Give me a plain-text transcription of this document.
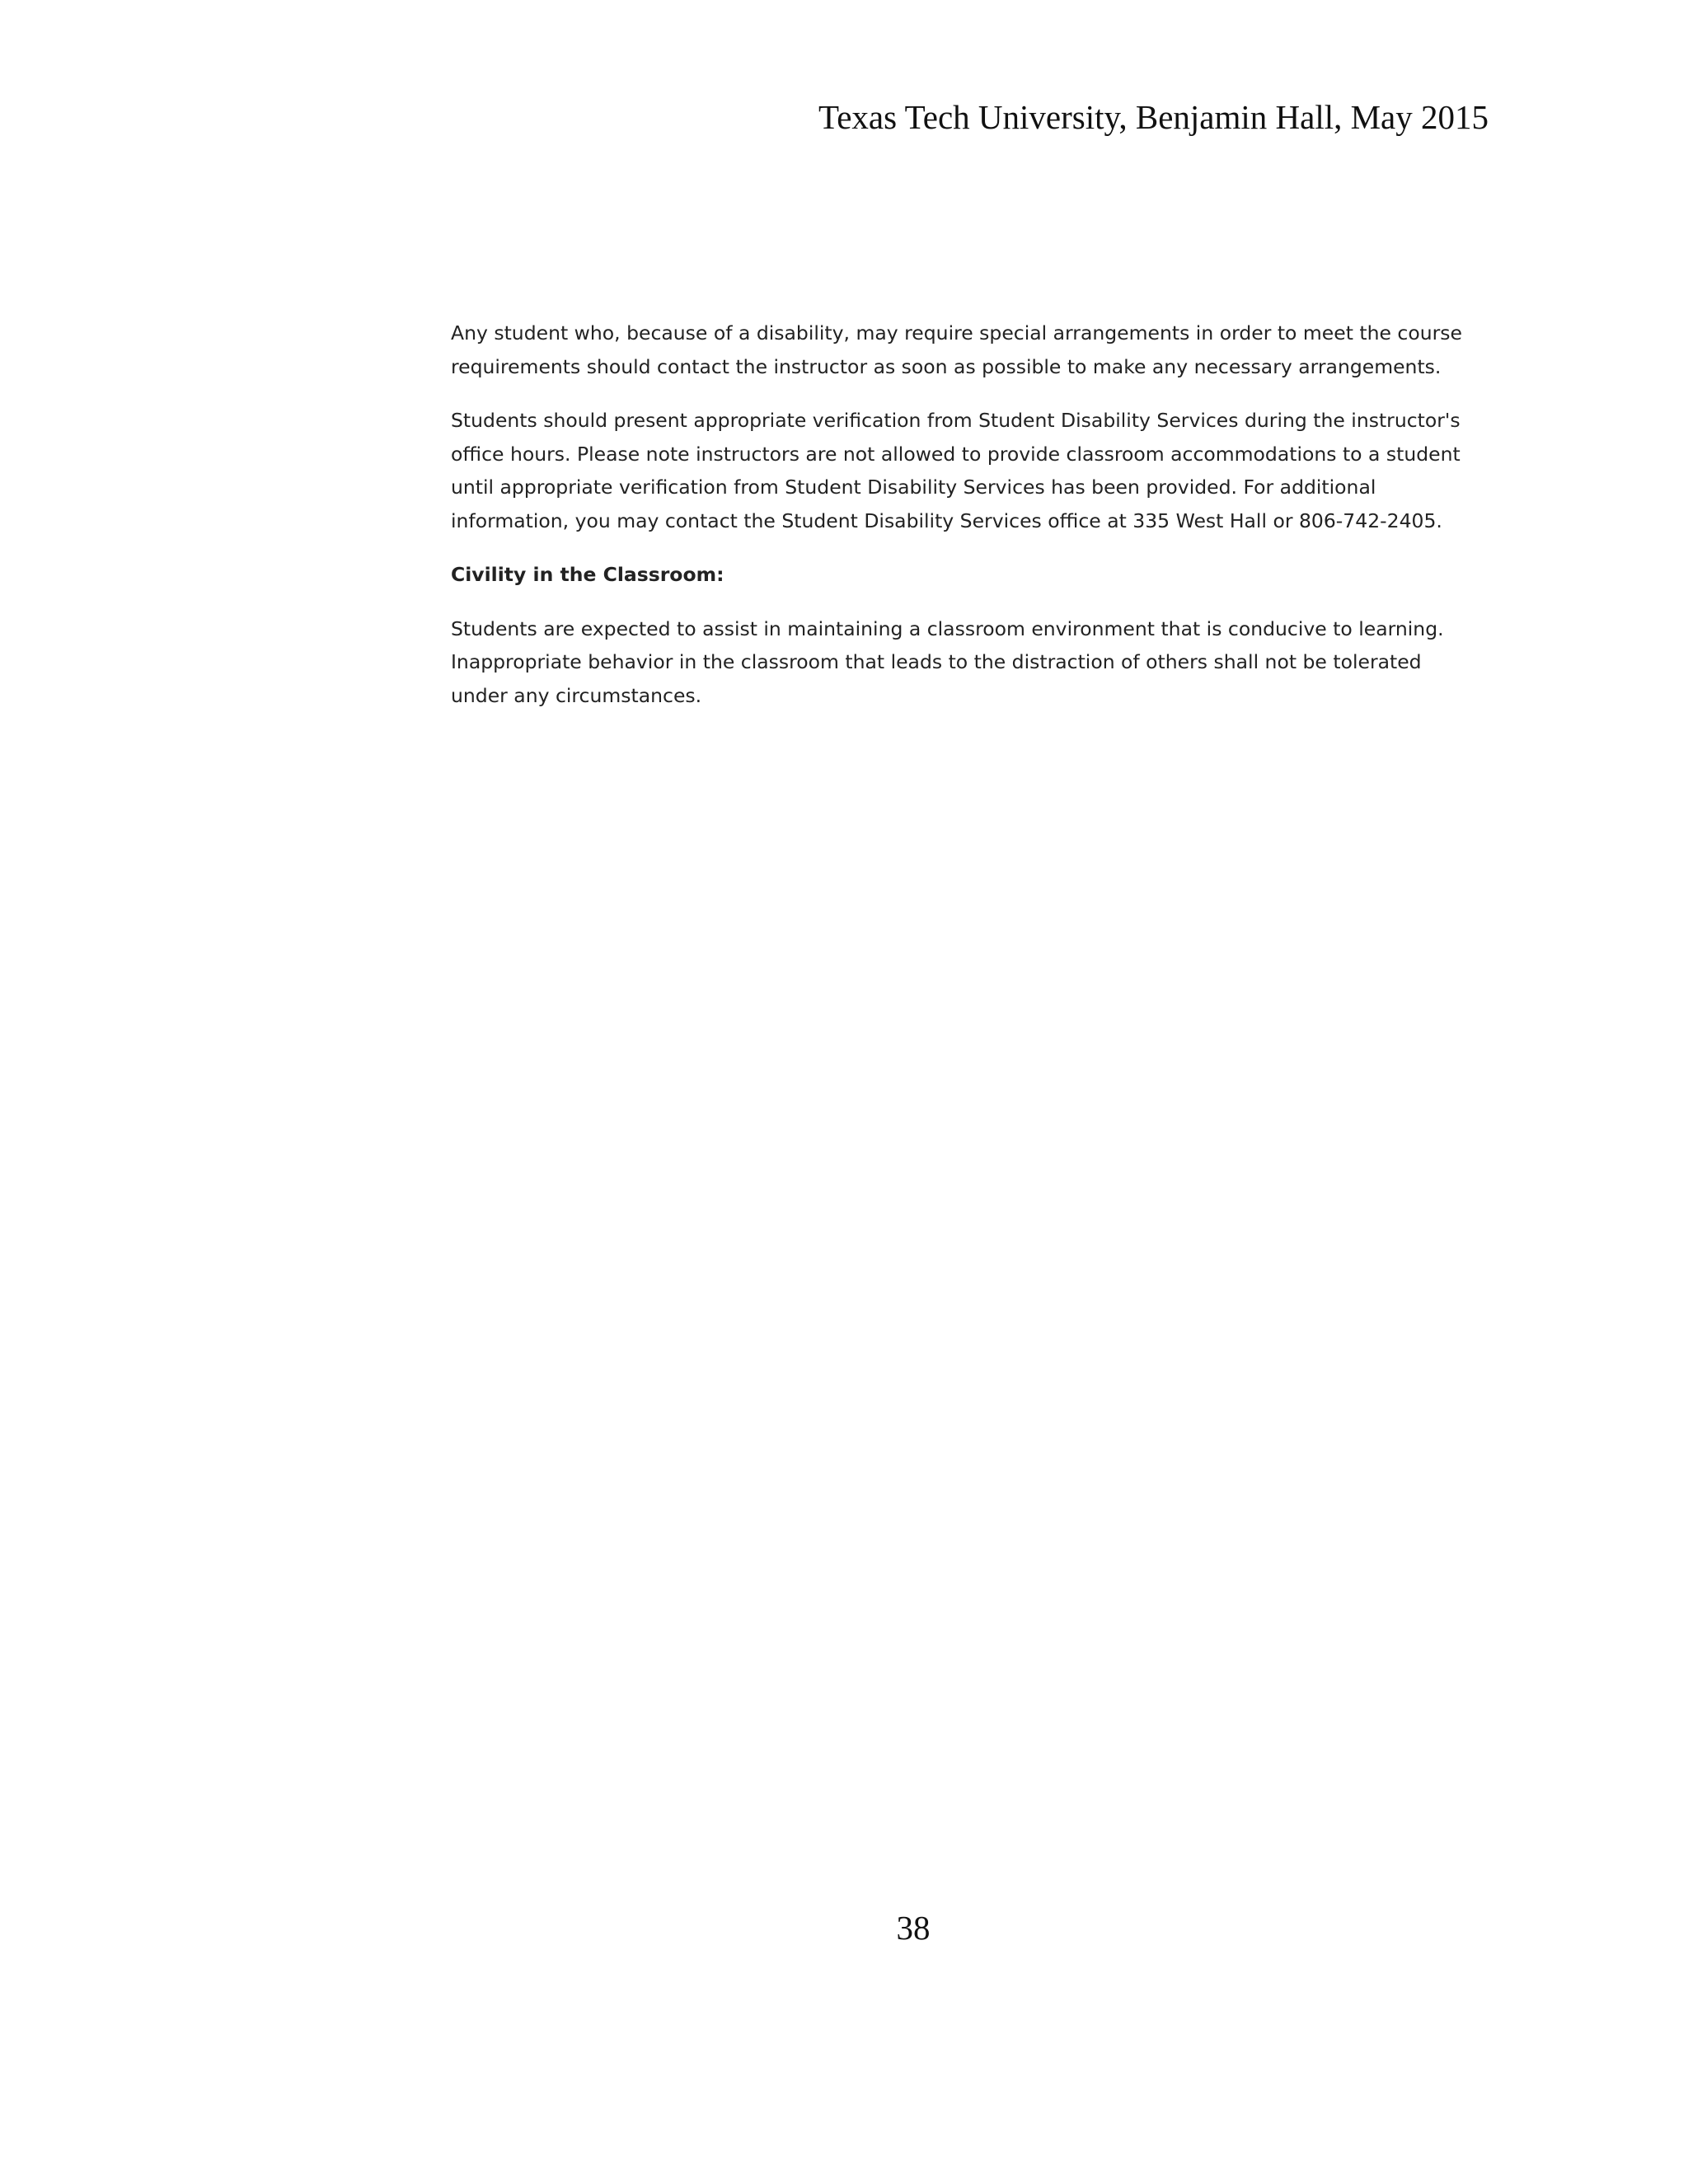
Texas Tech University, Benjamin Hall, May 2015

Any student who, because of a disability, may require special arrangements in order to meet the course
requirements should contact the instructor as soon as possible to make any necessary arrangements.

Students should present appropriate verification from Student Disability Services during the instructor's
office hours. Please note instructors are not allowed to provide classroom accommodations to a student
until appropriate verification from Student Disability Services has been provided. For additional
information, you may contact the Student Disability Services office at 335 West Hall or 806-742-2405.

Civility in the Classroom:

Students are expected to assist in maintaining a classroom environment that is conducive to learning.
Inappropriate behavior in the classroom that leads to the distraction of others shall not be tolerated
under any circumstances.

38
